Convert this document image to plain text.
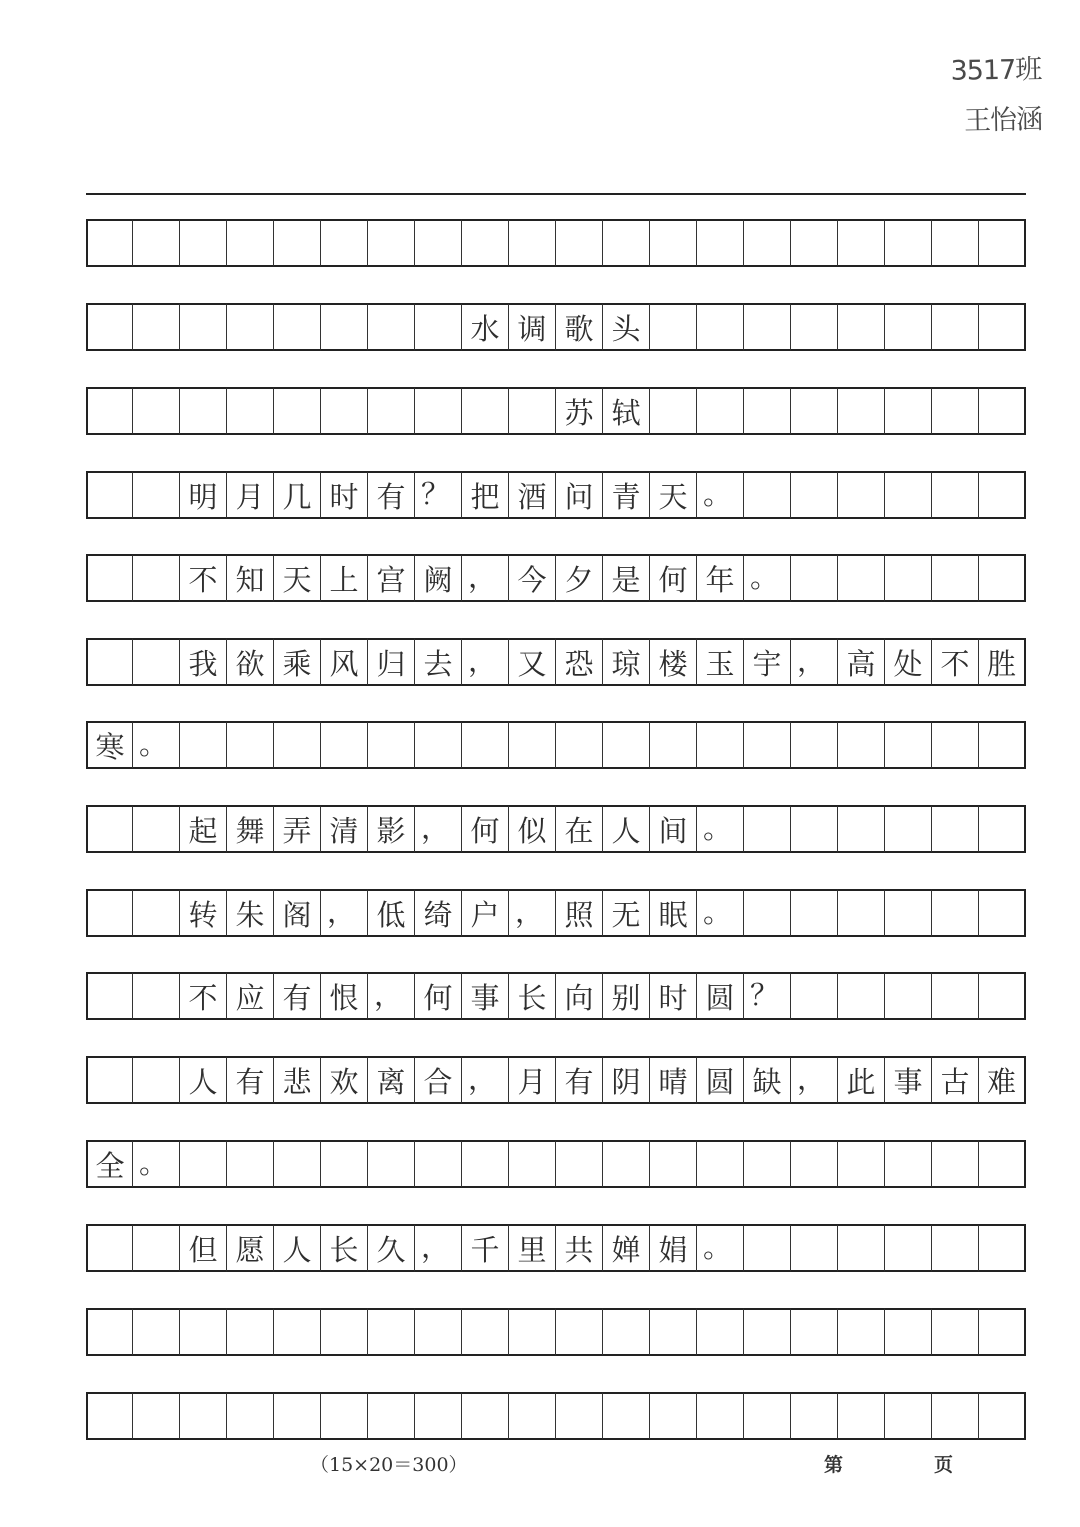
3517班
王怡涵
水 调 歌 头
苏 轼
明 月 几 时 有 ？ 把 酒 问 青 天 。
不 知 天 上 宫 阙 ， 今 夕 是 何 年 。
我 欲 乘 风 归 去 ， 又 恐 琼 楼 玉 宇 ， 高 处 不 胜
寒 。
起 舞 弄 清 影 ， 何 似 在 人 间 。
转 朱 阁 ， 低 绮 户 ， 照 无 眠 。
不 应 有 恨 ， 何 事 长 向 别 时 圆 ？
人 有 悲 欢 离 合 ， 月 有 阴 晴 圆 缺 ， 此 事 古 难
全 。
但 愿 人 长 久 ， 千 里 共 婵 娟 。
（15×20＝300）	第	页
